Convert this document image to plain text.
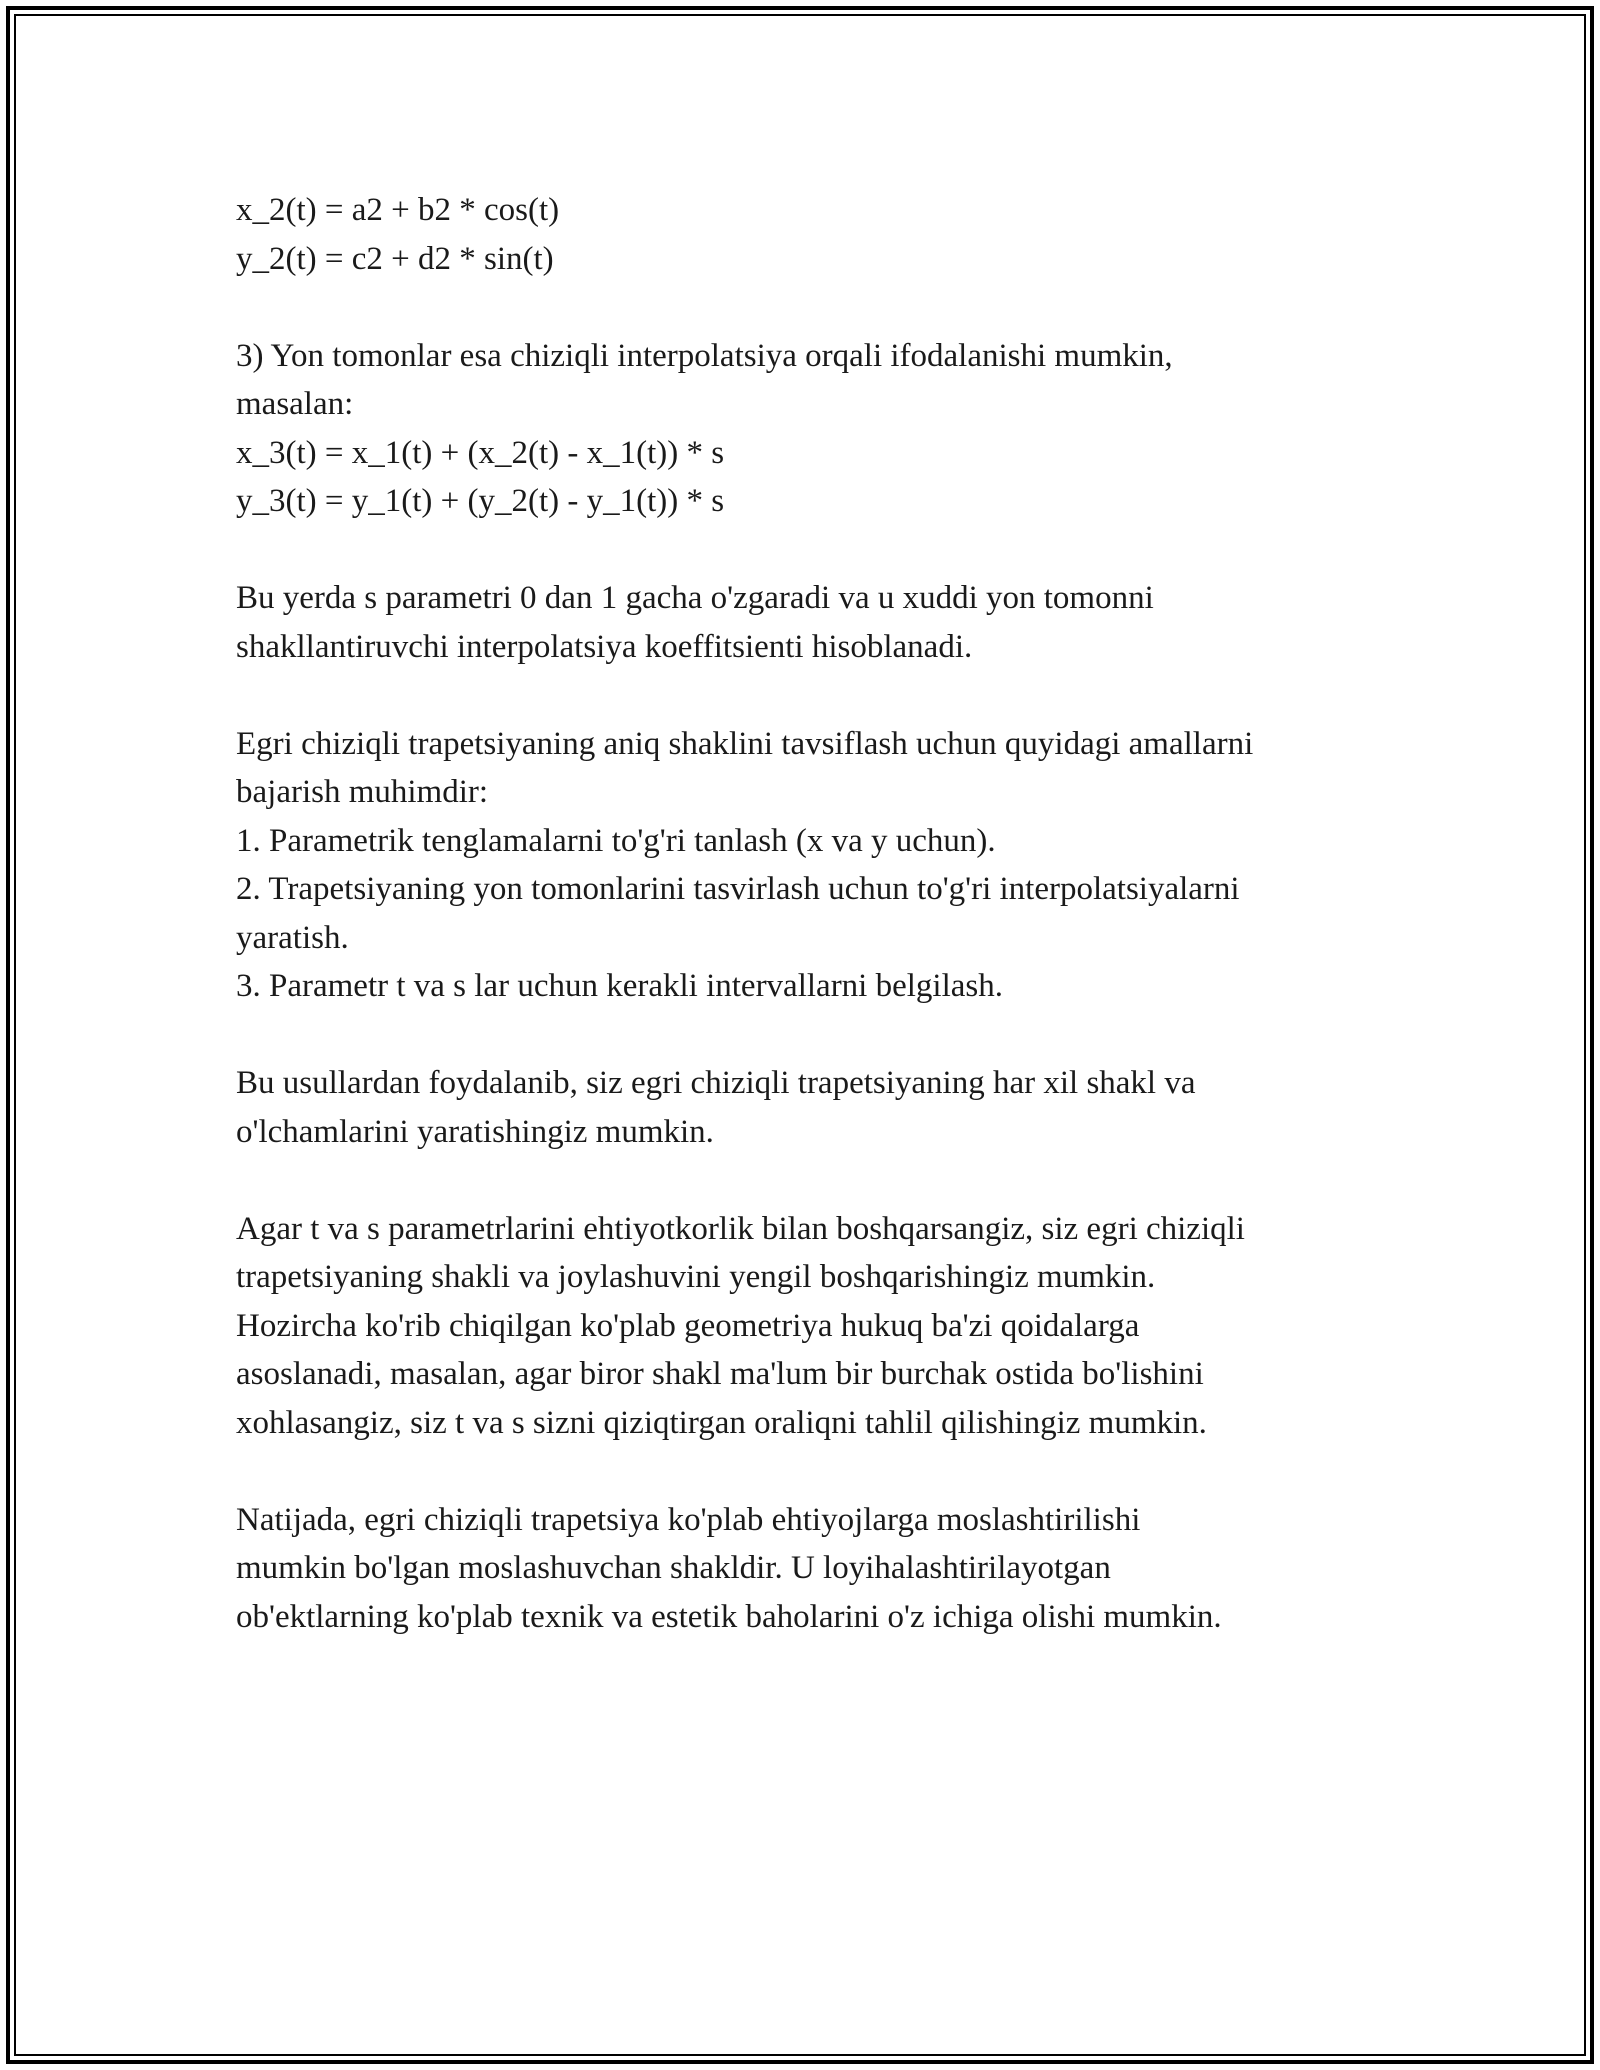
x_2(t) = a2 + b2 * cos(t)
y_2(t) = c2 + d2 * sin(t)
3) Yon tomonlar esa chiziqli interpolatsiya orqali ifodalanishi mumkin,
masalan:
x_3(t) = x_1(t) + (x_2(t) - x_1(t)) * s
y_3(t) = y_1(t) + (y_2(t) - y_1(t)) * s
Bu yerda s parametri 0 dan 1 gacha o'zgaradi va u xuddi yon tomonni
shakllantiruvchi interpolatsiya koeffitsienti hisoblanadi.
Egri chiziqli trapetsiyaning aniq shaklini tavsiflash uchun quyidagi amallarni
bajarish muhimdir:
1. Parametrik tenglamalarni to'g'ri tanlash (x va y uchun).
2. Trapetsiyaning yon tomonlarini tasvirlash uchun to'g'ri interpolatsiyalarni
yaratish.
3. Parametr t va s lar uchun kerakli intervallarni belgilash.
Bu usullardan foydalanib, siz egri chiziqli trapetsiyaning har xil shakl va
o'lchamlarini yaratishingiz mumkin.
Agar t va s parametrlarini ehtiyotkorlik bilan boshqarsangiz, siz egri chiziqli
trapetsiyaning shakli va joylashuvini yengil boshqarishingiz mumkin.
Hozircha ko'rib chiqilgan ko'plab geometriya hukuq ba'zi qoidalarga
asoslanadi, masalan, agar biror shakl ma'lum bir burchak ostida bo'lishini
xohlasangiz, siz t va s sizni qiziqtirgan oraliqni tahlil qilishingiz mumkin.
Natijada, egri chiziqli trapetsiya ko'plab ehtiyojlarga moslashtirilishi
mumkin bo'lgan moslashuvchan shakldir. U loyihalashtirilayotgan
ob'ektlarning ko'plab texnik va estetik baholarini o'z ichiga olishi mumkin.
